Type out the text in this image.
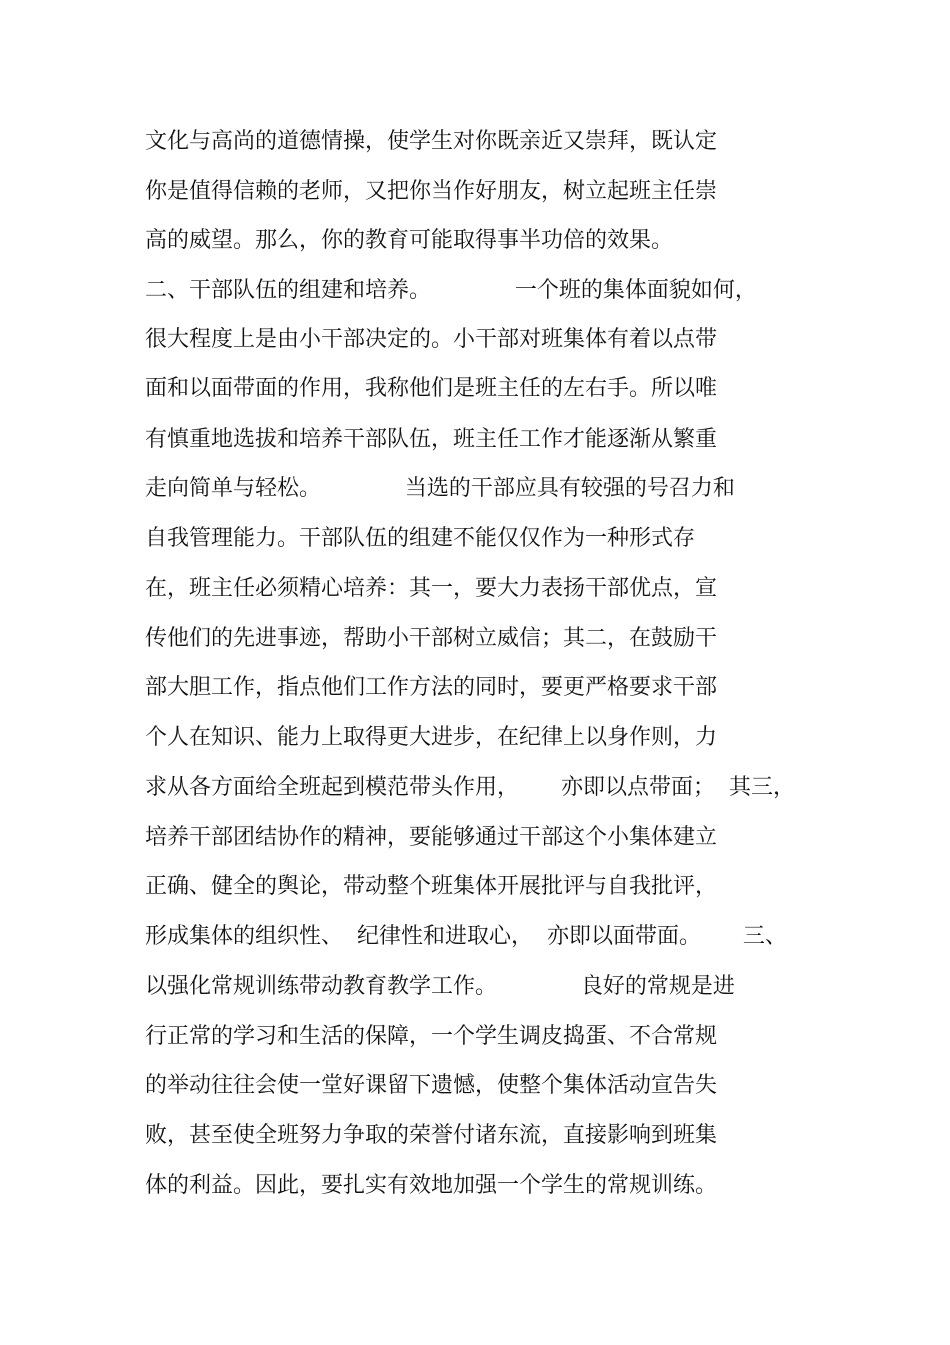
文化与高尚的道德情操，使学生对你既亲近又崇拜，既认定
你是值得信赖的老师，又把你当作好朋友，树立起班主任崇
高的威望。那么，你的教育可能取得事半功倍的效果。
二、干部队伍的组建和培养。            一个班的集体面貌如何，
很大程度上是由小干部决定的。小干部对班集体有着以点带
面和以面带面的作用，我称他们是班主任的左右手。所以唯
有慎重地选拔和培养干部队伍，班主任工作才能逐渐从繁重
走向简单与轻松。            当选的干部应具有较强的号召力和
自我管理能力。干部队伍的组建不能仅仅作为一种形式存
在，班主任必须精心培养：其一，要大力表扬干部优点，宣
传他们的先进事迹，帮助小干部树立威信；其二，在鼓励干
部大胆工作，指点他们工作方法的同时，要更严格要求干部
个人在知识、能力上取得更大进步，在纪律上以身作则，力
求从各方面给全班起到模范带头作用，      亦即以点带面；  其三，
培养干部团结协作的精神，要能够通过干部这个小集体建立
正确、健全的舆论，带动整个班集体开展批评与自我批评，
形成集体的组织性、  纪律性和进取心，  亦即以面带面。      三、
以强化常规训练带动教育教学工作。            良好的常规是进
行正常的学习和生活的保障，一个学生调皮捣蛋、不合常规
的举动往往会使一堂好课留下遗憾，使整个集体活动宣告失
败，甚至使全班努力争取的荣誉付诸东流，直接影响到班集
体的利益。因此，要扎实有效地加强一个学生的常规训练。
